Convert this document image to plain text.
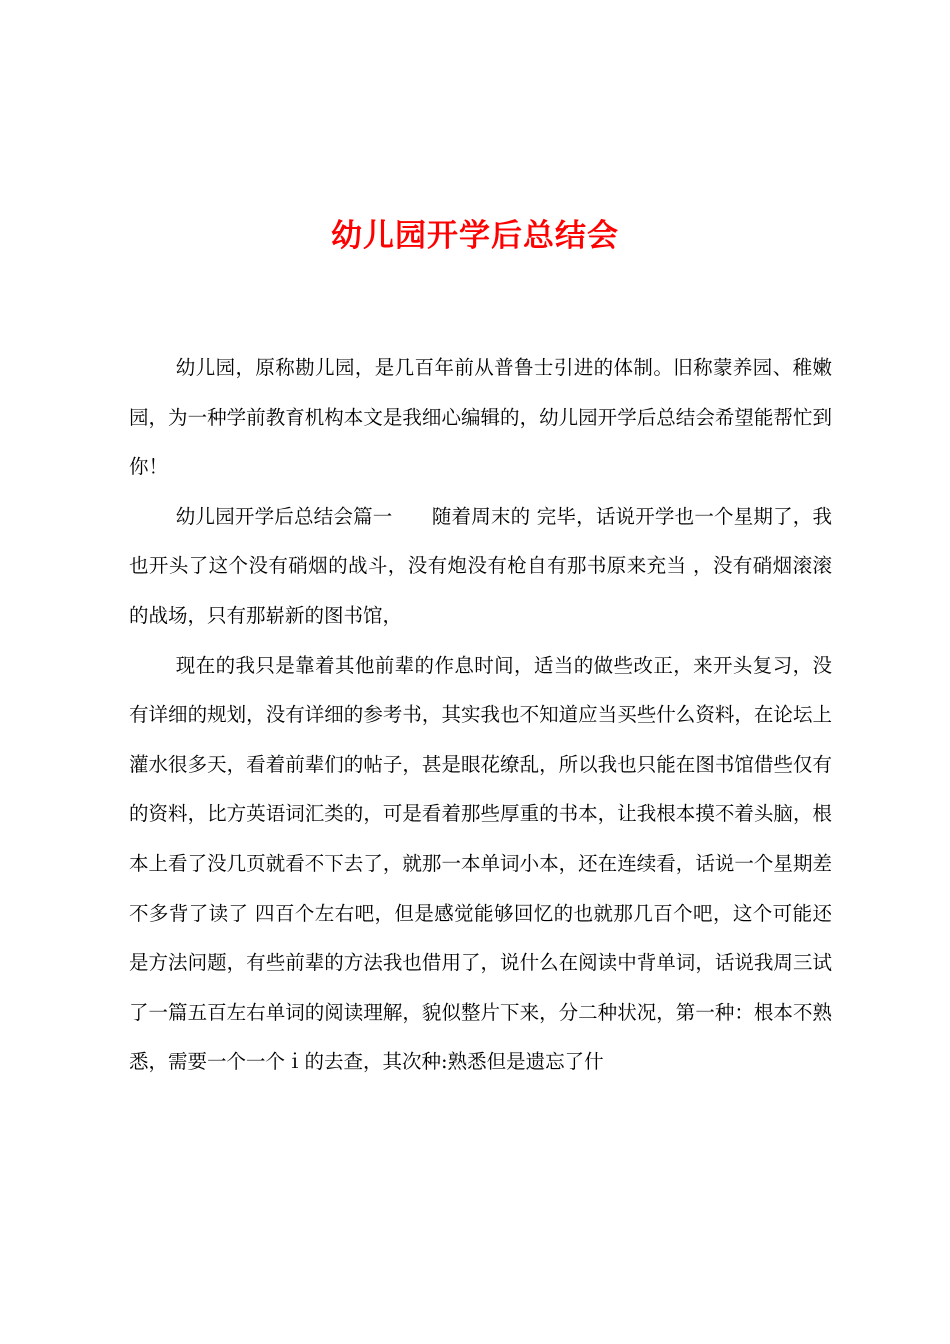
幼儿园开学后总结会

幼儿园，原称勘儿园，是几百年前从普鲁士引进的体制。旧称蒙养园、稚嫩园，为一种学前教育机构本文是我细心编辑的，幼儿园开学后总结会希望能帮忙到你！

幼儿园开学后总结会篇一　　随着周末的 完毕，话说开学也一个星期了，我也开头了这个没有硝烟的战斗，没有炮没有枪自有那书原来充当 ，没有硝烟滚滚的战场，只有那崭新的图书馆，

现在的我只是靠着其他前辈的作息时间，适当的做些改正，来开头复习，没有详细的规划，没有详细的参考书，其实我也不知道应当买些什么资料，在论坛上灌水很多天，看着前辈们的帖子，甚是眼花缭乱，所以我也只能在图书馆借些仅有的资料，比方英语词汇类的，可是看着那些厚重的书本，让我根本摸不着头脑，根本上看了没几页就看不下去了，就那一本单词小本，还在连续看，话说一个星期差不多背了读了 四百个左右吧，但是感觉能够回忆的也就那几百个吧，这个可能还是方法问题，有些前辈的方法我也借用了，说什么在阅读中背单词，话说我周三试了一篇五百左右单词的阅读理解，貌似整片下来，分二种状况，第一种：根本不熟悉，需要一个一个ｉ的去查，其次种:熟悉但是遗忘了什
